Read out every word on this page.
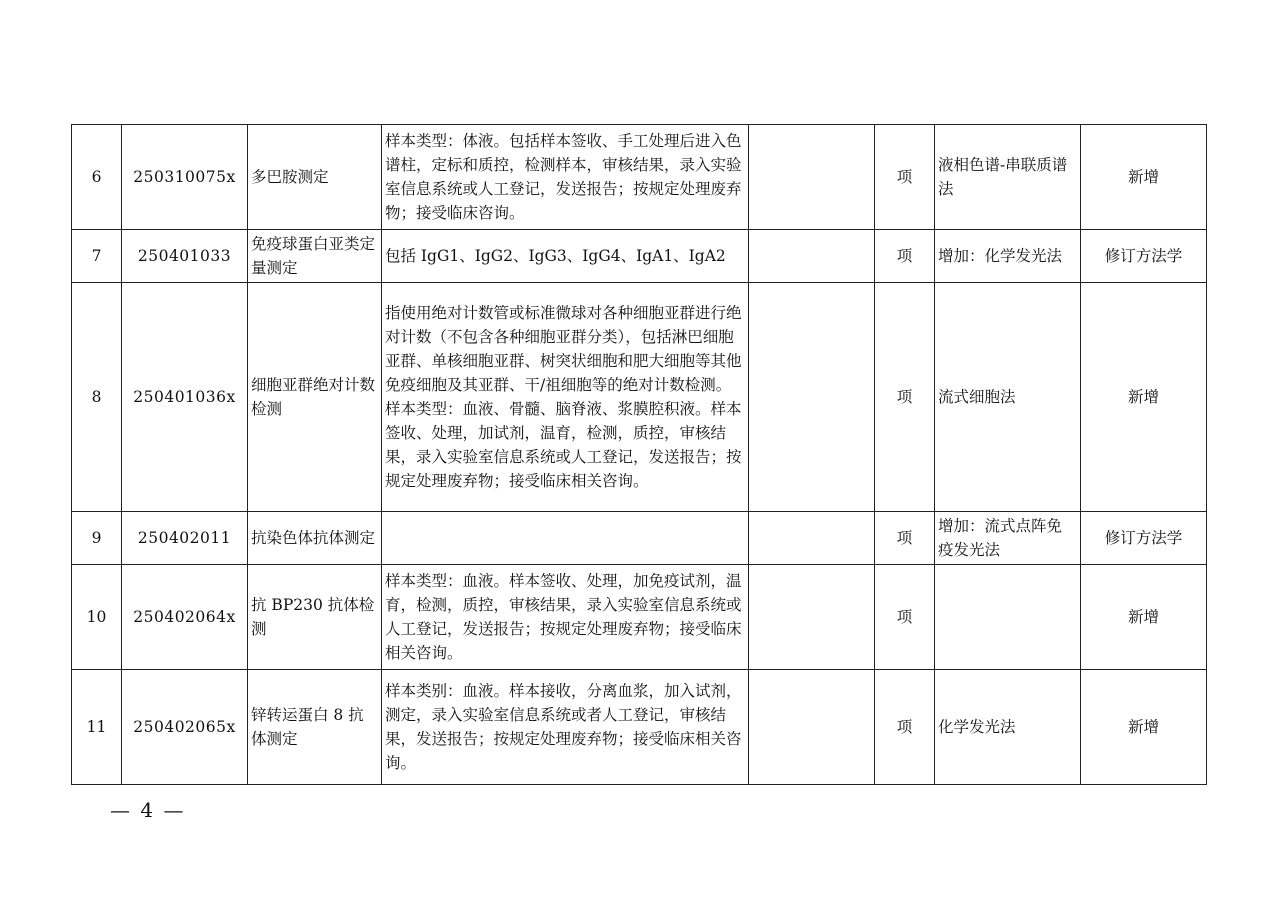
6	250310075x	多巴胺测定	样本类型：体液。包括样本签收、手工处理后进入色谱柱，定标和质控，检测样本，审核结果，录入实验室信息系统或人工登记，发送报告；按规定处理废弃物；接受临床咨询。		项	液相色谱-串联质谱法	新增
7	250401033	免疫球蛋白亚类定量测定	包括 IgG1、IgG2、IgG3、IgG4、IgA1、IgA2		项	增加：化学发光法	修订方法学
8	250401036x	细胞亚群绝对计数检测	指使用绝对计数管或标准微球对各种细胞亚群进行绝对计数（不包含各种细胞亚群分类），包括淋巴细胞亚群、单核细胞亚群、树突状细胞和肥大细胞等其他免疫细胞及其亚群、干/祖细胞等的绝对计数检测。样本类型：血液、骨髓、脑脊液、浆膜腔积液。样本签收、处理，加试剂，温育，检测，质控，审核结果，录入实验室信息系统或人工登记，发送报告；按规定处理废弃物；接受临床相关咨询。		项	流式细胞法	新增
9	250402011	抗染色体抗体测定			项	增加：流式点阵免疫发光法	修订方法学
10	250402064x	抗 BP230 抗体检测	样本类型：血液。样本签收、处理，加免疫试剂，温育，检测，质控，审核结果，录入实验室信息系统或人工登记，发送报告；按规定处理废弃物；接受临床相关咨询。		项		新增
11	250402065x	锌转运蛋白 8 抗体测定	样本类别：血液。样本接收，分离血浆，加入试剂，测定，录入实验室信息系统或者人工登记，审核结果，发送报告；按规定处理废弃物；接受临床相关咨询。		项	化学发光法	新增
— 4 —
